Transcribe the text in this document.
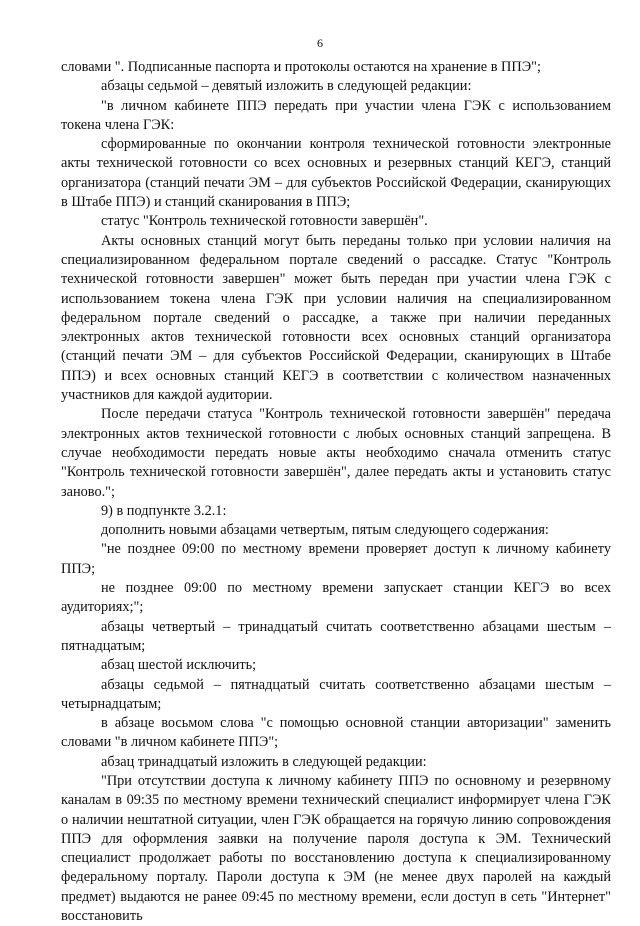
6

словами ". Подписанные паспорта и протоколы остаются на хранение в ППЭ";

абзацы седьмой – девятый изложить в следующей редакции:

"в личном кабинете ППЭ передать при участии члена ГЭК с использованием токена члена ГЭК:

сформированные по окончании контроля технической готовности электронные акты технической готовности со всех основных и резервных станций КЕГЭ, станций организатора (станций печати ЭМ – для субъектов Российской Федерации, сканирующих в Штабе ППЭ) и станций сканирования в ППЭ;

статус "Контроль технической готовности завершён".

Акты основных станций могут быть переданы только при условии наличия на специализированном федеральном портале сведений о рассадке. Статус "Контроль технической готовности завершен" может быть передан при участии члена ГЭК с использованием токена члена ГЭК при условии наличия на специализированном федеральном портале сведений о рассадке, а также при наличии переданных электронных актов технической готовности всех основных станций организатора (станций печати ЭМ – для субъектов Российской Федерации, сканирующих в Штабе ППЭ) и всех основных станций КЕГЭ в соответствии с количеством назначенных участников для каждой аудитории.

После передачи статуса "Контроль технической готовности завершён" передача электронных актов технической готовности с любых основных станций запрещена. В случае необходимости передать новые акты необходимо сначала отменить статус "Контроль технической готовности завершён", далее передать акты и установить статус заново.";

9) в подпункте 3.2.1:

дополнить новыми абзацами четвертым, пятым следующего содержания:

"не позднее 09:00 по местному времени проверяет доступ к личному кабинету ППЭ;

не позднее 09:00 по местному времени запускает станции КЕГЭ во всех аудиториях;";

абзацы четвертый – тринадцатый считать соответственно абзацами шестым – пятнадцатым;

абзац шестой исключить;

абзацы седьмой – пятнадцатый считать соответственно абзацами шестым – четырнадцатым;

в абзаце восьмом слова "с помощью основной станции авторизации" заменить словами "в личном кабинете ППЭ";

абзац тринадцатый изложить в следующей редакции:

"При отсутствии доступа к личному кабинету ППЭ по основному и резервному каналам в 09:35 по местному времени технический специалист информирует члена ГЭК о наличии нештатной ситуации, член ГЭК обращается на горячую линию сопровождения ППЭ для оформления заявки на получение пароля доступа к ЭМ. Технический специалист продолжает работы по восстановлению доступа к специализированному федеральному порталу. Пароли доступа к ЭМ (не менее двух паролей на каждый предмет) выдаются не ранее 09:45 по местному времени, если доступ в сеть "Интернет" восстановить
